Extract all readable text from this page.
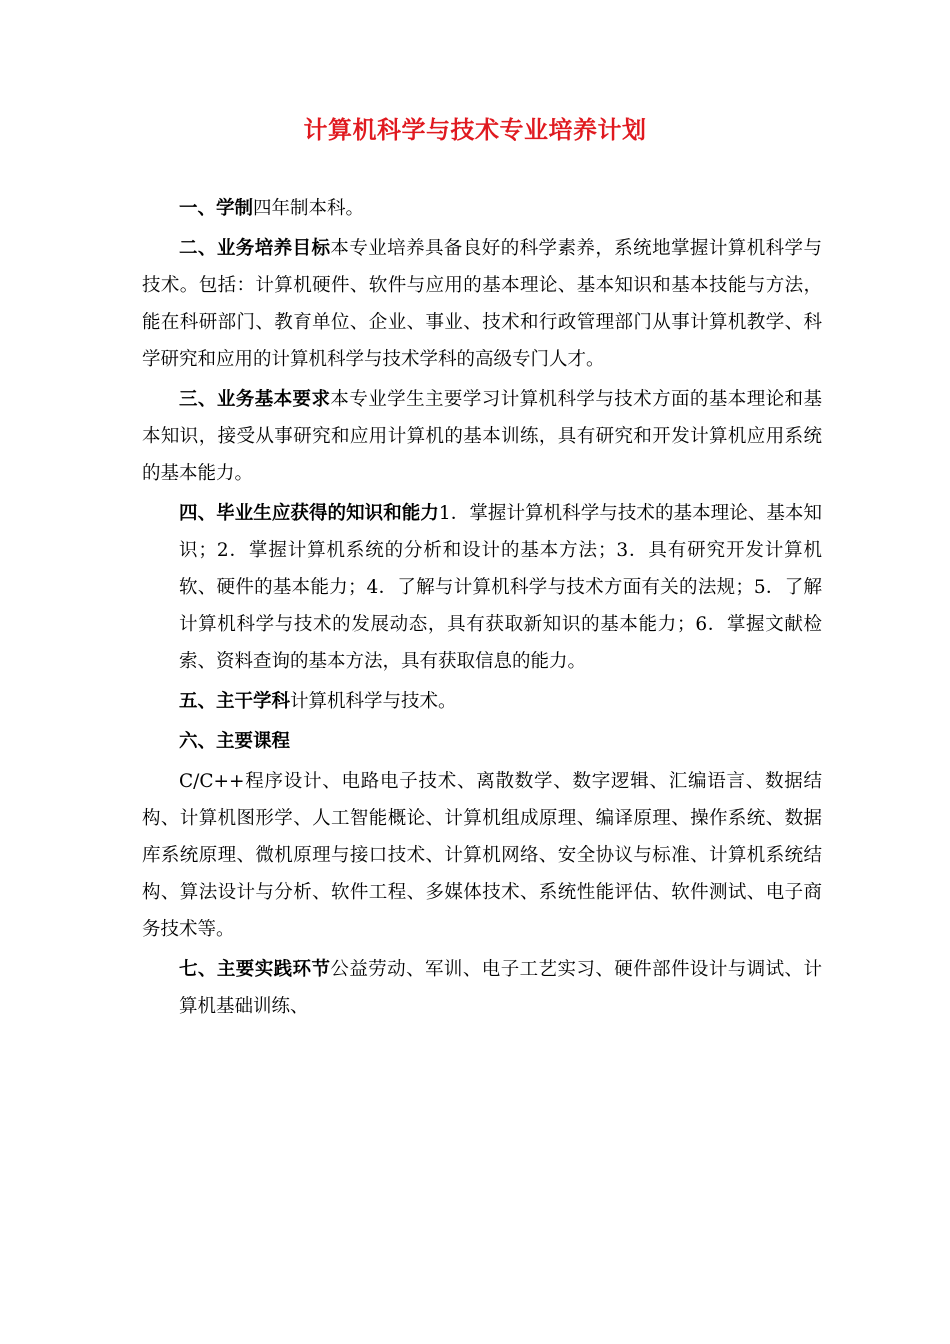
计算机科学与技术专业培养计划

一、学制四年制本科。

二、业务培养目标本专业培养具备良好的科学素养，系统地掌握计算机科学与技术。包括：计算机硬件、软件与应用的基本理论、基本知识和基本技能与方法，能在科研部门、教育单位、企业、事业、技术和行政管理部门从事计算机教学、科学研究和应用的计算机科学与技术学科的高级专门人才。

三、业务基本要求本专业学生主要学习计算机科学与技术方面的基本理论和基本知识，接受从事研究和应用计算机的基本训练，具有研究和开发计算机应用系统的基本能力。

四、毕业生应获得的知识和能力1．掌握计算机科学与技术的基本理论、基本知识；2．掌握计算机系统的分析和设计的基本方法；3．具有研究开发计算机软、硬件的基本能力；4．了解与计算机科学与技术方面有关的法规；5．了解计算机科学与技术的发展动态，具有获取新知识的基本能力；6．掌握文献检索、资料查询的基本方法，具有获取信息的能力。

五、主干学科计算机科学与技术。

六、主要课程

C/C++程序设计、电路电子技术、离散数学、数字逻辑、汇编语言、数据结构、计算机图形学、人工智能概论、计算机组成原理、编译原理、操作系统、数据库系统原理、微机原理与接口技术、计算机网络、安全协议与标准、计算机系统结构、算法设计与分析、软件工程、多媒体技术、系统性能评估、软件测试、电子商务技术等。

七、主要实践环节公益劳动、军训、电子工艺实习、硬件部件设计与调试、计算机基础训练、
